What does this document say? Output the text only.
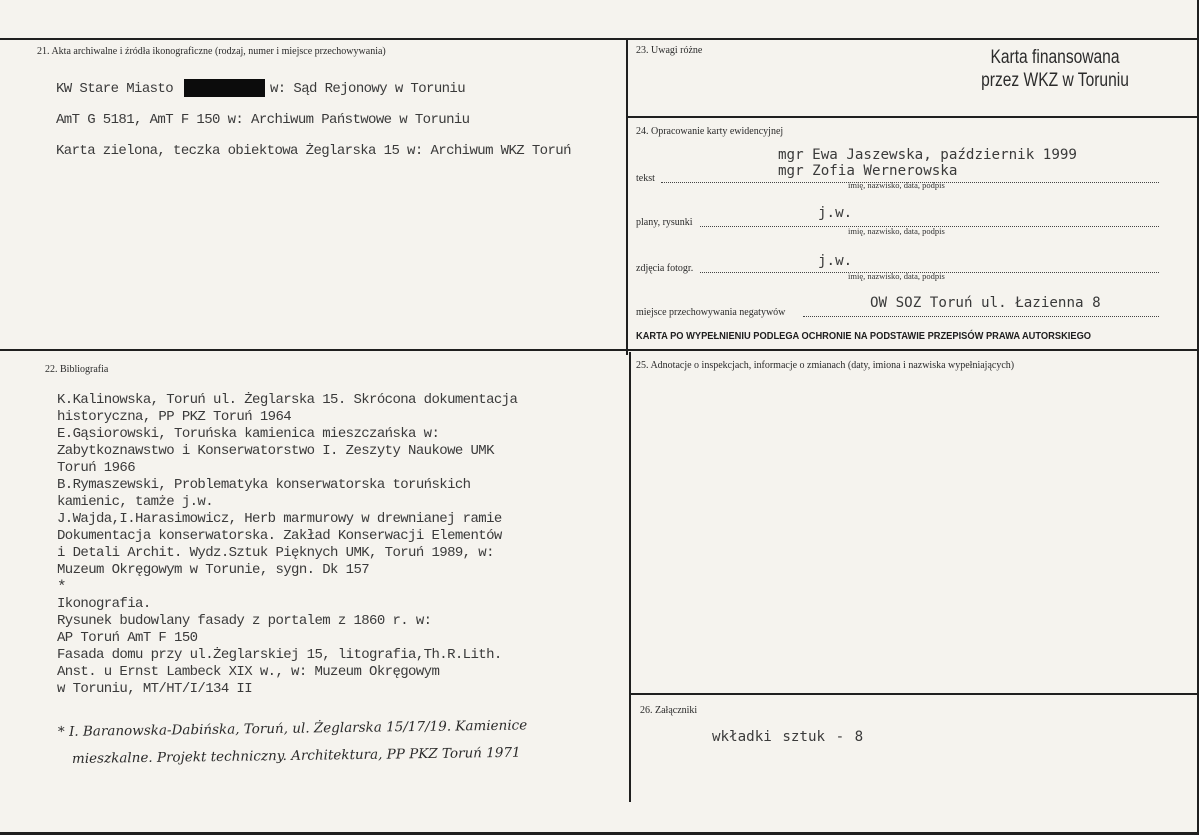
21. Akta archiwalne i źródła ikonograficzne (rodzaj, numer i miejsce przechowywania)
KW Stare Miasto	w: Sąd Rejonowy w Toruniu
AmT G 5181, AmT F 150 w: Archiwum Państwowe w Toruniu
Karta zielona, teczka obiektowa Żeglarska 15 w: Archiwum WKZ Toruń
23. Uwagi różne	Karta finansowana
przez WKZ w Toruniu
24. Opracowanie karty ewidencyjnej
mgr Ewa Jaszewska, październik 1999
mgr Zofia Wernerowska
tekst
imię, nazwisko, data, podpis
j.w.
plany, rysunki
imię, nazwisko, data, podpis
j.w.
zdjęcia fotogr.
imię, nazwisko, data, podpis
OW SOZ Toruń ul. Łazienna 8
miejsce przechowywania negatywów
KARTA PO WYPEŁNIENIU PODLEGA OCHRONIE NA PODSTAWIE PRZEPISÓW PRAWA AUTORSKIEGO
22. Bibliografia
K.Kalinowska, Toruń ul. Żeglarska 15. Skrócona dokumentacja
historyczna, PP PKZ Toruń 1964
E.Gąsiorowski, Toruńska kamienica mieszczańska w:
Zabytkoznawstwo i Konserwatorstwo I. Zeszyty Naukowe UMK
Toruń 1966
B.Rymaszewski, Problematyka konserwatorska toruńskich
kamienic, tamże j.w.
J.Wajda,I.Harasimowicz, Herb marmurowy w drewnianej ramie
Dokumentacja konserwatorska. Zakład Konserwacji Elementów
i Detali Archit. Wydz.Sztuk Pięknych UMK, Toruń 1989, w:
Muzeum Okręgowym w Torunie, sygn. Dk 157
*
Ikonografia.
Rysunek budowlany fasady z portalem z 1860 r. w:
AP Toruń AmT F 150
Fasada domu przy ul.Żeglarskiej 15, litografia,Th.R.Lith.
Anst. u Ernst Lambeck XIX w., w: Muzeum Okręgowym
w Toruniu, MT/HT/I/134 II
* I. Baranowska-Dabińska, Toruń, ul. Żeglarska 15/17/19. Kamienice
mieszkalne. Projekt techniczny. Architektura, PP PKZ Toruń 1971
25. Adnotacje o inspekcjach, informacje o zmianach (daty, imiona i nazwiska wypełniających)
26. Załączniki
wkładki sztuk - 8
